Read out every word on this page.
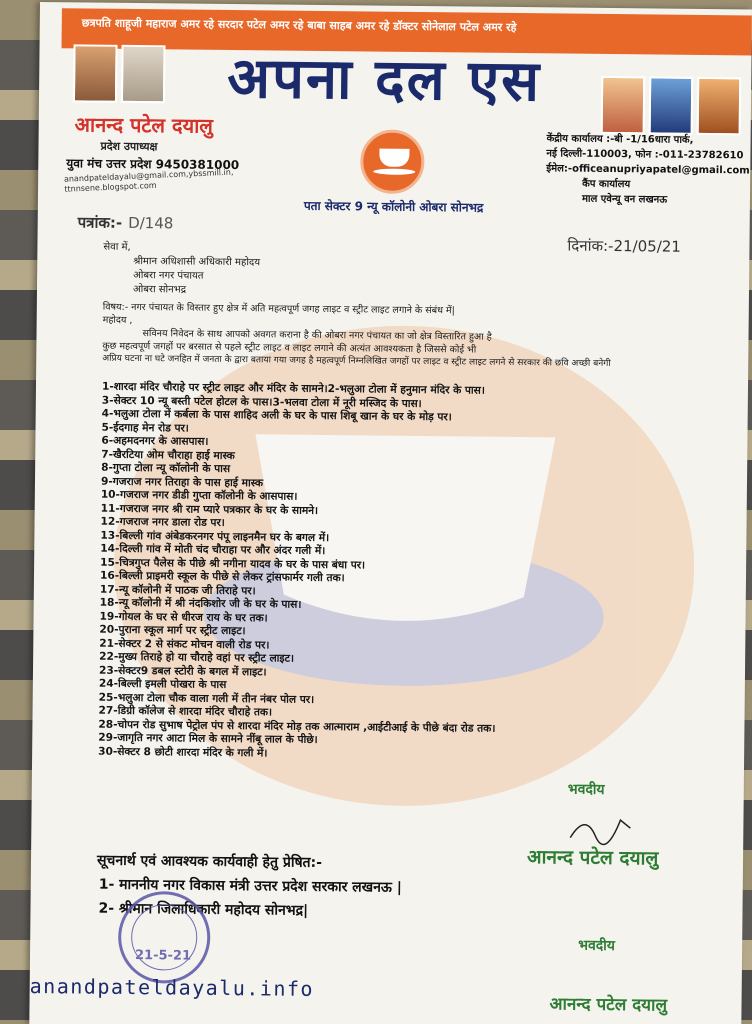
छत्रपति शाहूजी महाराज अमर रहे सरदार पटेल अमर रहे बाबा साहब अमर रहे डॉक्टर सोनेलाल पटेल अमर रहे
अपना दल एस
आनन्द पटेल दयालु
प्रदेश उपाध्यक्ष
युवा मंच उत्तर प्रदेश 9450381000
anandpateldayalu@gmail.com,ybssmill.in,
ttnnsene.blogspot.com
पता सेक्टर 9 न्यू कॉलोनी ओबरा सोनभद्र
केंद्रीय कार्यालय :-बी -1/16धारा पार्क,
नई दिल्ली-110003, फोन :-011-23782610
ईमेल:-officeanupriyapatel@gmail.com
कैंप कार्यालय
माल एवेन्यू वन लखनऊ
पत्रांक:- D/148
दिनांक:-21/05/21
सेवा में,
श्रीमान अधिशासी अधिकारी महोदय
ओबरा नगर पंचायत
ओबरा सोनभद्र
विषय:- नगर पंचायत के विस्तार हुए क्षेत्र में अति महत्वपूर्ण जगह लाइट व स्ट्रीट लाइट लगाने के संबंध में|
महोदय ,
सविनय निवेदन के साथ आपको अवगत कराना है की ओबरा नगर पंचायत का जो क्षेत्र विस्तारित हुआ है
कुछ महत्वपूर्ण जगहों पर बरसात से पहले स्ट्रीट लाइट व लाइट लगाने की अत्यंत आवश्यकता है जिससे कोई भी
अप्रिय घटना ना घटे जनहित में जनता के द्वारा बताया गया जगह है महत्वपूर्ण निम्नलिखित जगहों पर लाइट व स्ट्रीट लाइट लगने से सरकार की छवि अच्छी बनेगी
1-शारदा मंदिर चौराहे पर स्ट्रीट लाइट और मंदिर के सामने।2-भलुआ टोला में हनुमान मंदिर के पास।
3-सेक्टर 10 न्यू बस्ती पटेल होटल के पास।3-भलवा टोला में नूरी मस्जिद के पास।
4-भलुआ टोला में कर्बला के पास शाहिद अली के घर के पास शिबू खान के घर के मोड़ पर।
5-ईदगाह मेन रोड पर।
6-अहमदनगर के आसपास।
7-खैरटिया ओम चौराहा हाई मास्क
8-गुप्ता टोला न्यू कॉलोनी के पास
9-गजराज नगर तिराहा के पास हाई मास्क
10-गजराज नगर डीडी गुप्ता कॉलोनी के आसपास।
11-गजराज नगर श्री राम प्यारे पत्रकार के घर के सामने।
12-गजराज नगर डाला रोड पर।
13-बिल्ली गांव अंबेडकरनगर पंपू लाइनमैन घर के बगल में।
14-दिल्ली गांव में मोती चंद चौराहा पर और अंदर गली में।
15-चित्रगुप्त पैलेस के पीछे श्री नगीना यादव के घर के पास बंधा पर।
16-बिल्ली प्राइमरी स्कूल के पीछे से लेकर ट्रांसफार्मर गली तक।
17-न्यू कॉलोनी में पाठक जी तिराहे पर।
18-न्यू कॉलोनी में श्री नंदकिशोर जी के घर के पास।
19-गोयल के घर से धीरज राय के घर तक।
20-पुराना स्कूल मार्ग पर स्ट्रीट लाइट।
21-सेक्टर 2 से संकट मोचन वाली रोड पर।
22-मुख्य तिराहे हो या चौराहे वहां पर स्ट्रीट लाइट।
23-सेक्टर9 डबल स्टोरी के बगल में लाइट।
24-बिल्ली इमली पोखरा के पास
25-भलुआ टोला चौक वाला गली में तीन नंबर पोल पर।
27-डिग्री कॉलेज से शारदा मंदिर चौराहे तक।
28-चोपन रोड सुभाष पेट्रोल पंप से शारदा मंदिर मोड़ तक आत्माराम ,आईटीआई के पीछे बंदा रोड तक।
29-जागृति नगर आटा मिल के सामने नींबू लाल के पीछे।
30-सेक्टर 8 छोटी शारदा मंदिर के गली में।
भवदीय
आनन्द पटेल दयालु
सूचनार्थ एवं आवश्यक कार्यवाही हेतु प्रेषित:-
1- माननीय नगर विकास मंत्री उत्तर प्रदेश सरकार लखनऊ |
2- श्रीमान जिलाधिकारी महोदय सोनभद्र|
21-5-21
भवदीय
आनन्द पटेल दयालु
anandpateldayalu.info
